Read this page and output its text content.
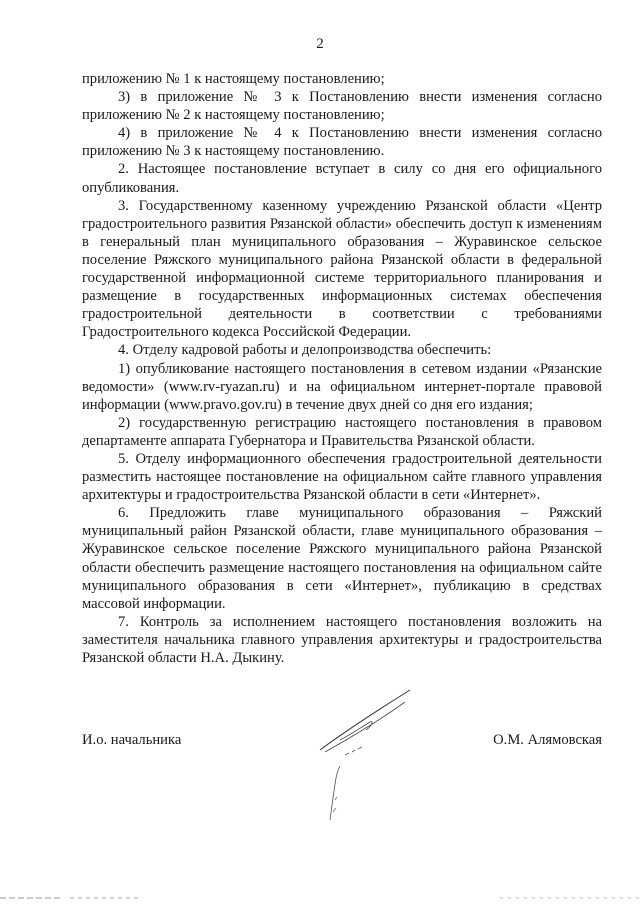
2

приложению № 1 к настоящему постановлению;

3) в приложение № 3 к Постановлению внести изменения согласно приложению № 2 к настоящему постановлению;

4) в приложение № 4 к Постановлению внести изменения согласно приложению № 3 к настоящему постановлению.

2. Настоящее постановление вступает в силу со дня его официального опубликования.

3. Государственному казенному учреждению Рязанской области «Центр градостроительного развития Рязанской области» обеспечить доступ к изменениям в генеральный план муниципального образования – Журавинское сельское поселение Ряжского муниципального района Рязанской области в федеральной государственной информационной системе территориального планирования и размещение в государственных информационных системах обеспечения градостроительной деятельности в соответствии с требованиями Градостроительного кодекса Российской Федерации.

4. Отделу кадровой работы и делопроизводства обеспечить:

1) опубликование настоящего постановления в сетевом издании «Рязанские ведомости» (www.rv-ryazan.ru) и на официальном интернет-портале правовой информации (www.pravo.gov.ru) в течение двух дней со дня его издания;

2) государственную регистрацию настоящего постановления в правовом департаменте аппарата Губернатора и Правительства Рязанской области.

5. Отделу информационного обеспечения градостроительной деятельности разместить настоящее постановление на официальном сайте главного управления архитектуры и градостроительства Рязанской области в сети «Интернет».

6. Предложить главе муниципального образования – Ряжский муниципальный район Рязанской области, главе муниципального образования – Журавинское сельское поселение Ряжского муниципального района Рязанской области обеспечить размещение настоящего постановления на официальном сайте муниципального образования в сети «Интернет», публикацию в средствах массовой информации.

7. Контроль за исполнением настоящего постановления возложить на заместителя начальника главного управления архитектуры и градостроительства Рязанской области Н.А. Дыкину.

И.о. начальника	О.М. Алямовская
